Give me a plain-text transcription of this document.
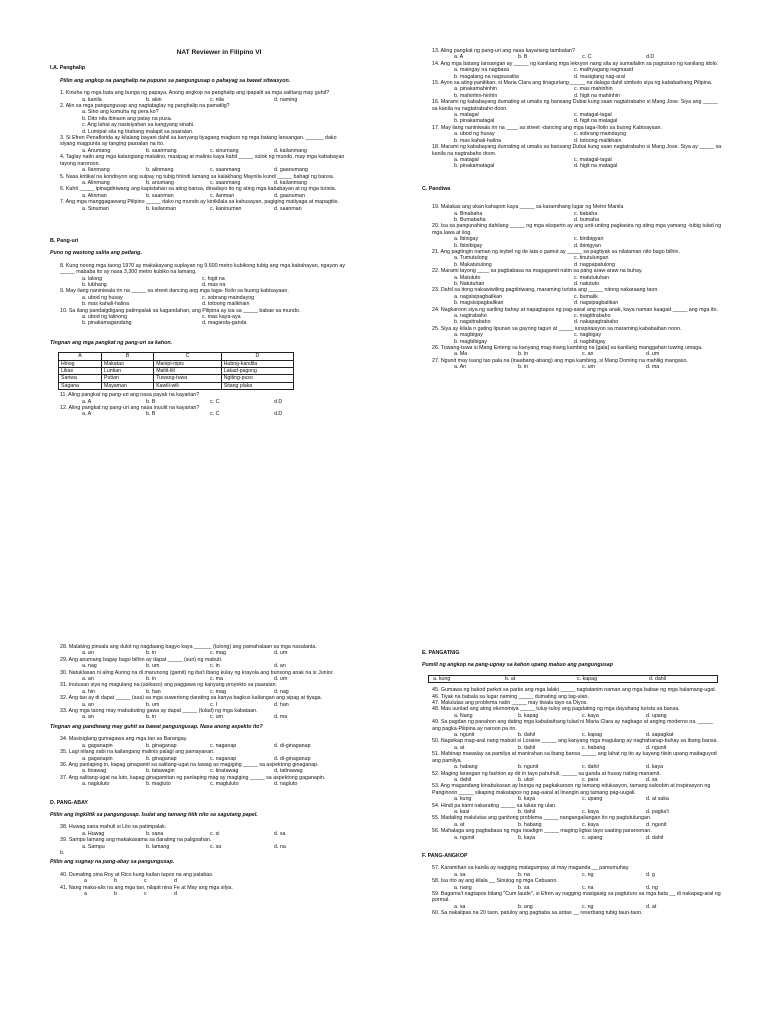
NAT Reviewer in Filipino VI
I.A. Panghalip
Piliin ang angkop na panghalip na pupuno sa pangungusap o pahayag sa bawat sitwasyon.
1. Kinuha ng mga bata ang bunga ng papaya. Anong angkop na panghalip ang ipapalit sa mga salitang may guhit?
a. kanila	b. akin	c. nila	d. naming
2. Alin sa mga pangungusap ang nagtataglay ng panghalip na pamatlig?
a. Sino ang kumuha ng pera ko?
b. Dito nila ibinaon ang patay na pusa.
c. Ang lahat ay nasisiyahan sa kangyang sinabi.
d. Lumipat sila ng tirahang malapit sa paaralan.
3. Si Efren Penaflorida ay kilalang bayani dahil sa kanyang tiyagang magturo ng mga batang lansangan. ______ dako siyang magpunta ay tanging paaralan na ito.
a. Anumang	b. saanmang	c. sinumang	d. kailanmang
4. Taglay natin ang mga katangiang matalino, masipag at malinis kaya kahit _____ sulok ng mundo, may mga kababayan tayong naroroon.
a. Ilanmang	b. alinmang	c. saanmang	d. gaanumang
5. Nasa kritikal na kondisyon ang sulpay ng tubig hhindi lamang sa kalakhang Maynila kundi _____ bahagi ng bansa.
a. Alinmang	b. anumang	c. saanmang	d. kailanmang
6. Kahit _____ ipinagdiriwang ang kapistahan sa ating bansa, dinadayo ito ng ating mga kababayan at ng mga turista.
a. Alinman	b. saanman	c. ilanman	d. gaanuman
7. Ang mga manggagawang Pilipino _____ dako ng mundo ay kinikilala sa kahusayan, pagiging matiyaga at mapagtiis.
a. Sinuman	b. kailanman	c. kaninuman	d. saanman
B. Pang-uri
Puno ng wastong salita ang patlang.
8. Kung noong mga taong 1970 ay makakayang suplayan ng 9,600 metro kubikong tubig ang mga kabahayan, ngayon ay _____ mababa ito ay nasa 3,300 metro kubiko na lamang.
a. lalong	c. higit na
b. lubhang	d. mas na
9. May ilang naniniwala rin na _____ sa street dancing ang mga taga- Iloilo sa buong kabisayaan.
a. ubod ng husay	c. sobrang maindayog
b. mas kahali-halina	d. totoong malikhain
10. Sa ilang pandaigdigang patimpalak sa kagandahan, ang Pilipina ay isa sa _____ babae sa mundo.
a. ubod ng talinong	c. mas kaya-aya
b. pinakamagandang	d. maganda-ganda
Tingnan ang mga pangkat ng pang-uri sa kahon.
A	B	C	D
Hinog	Makatao	Manipi-nipis	Hubog-kandila
Likas	Luntian	Maliit-liit	Lakad-pagong
Sariwa	Putian	Tuwang-tuwa	Ngiting-puso
Sagana	Mayaman	Kawili-wili	Sitang plaka
11. Aling pangkat ng pang-uri ang nasa payak na kayarian?
a. A	b. B	c. C	d.D
12. Aling pangkat ng pang-uri ang nasa inuulit na kayarian?
a. A	b. B	c. C	d.D
13. Aling pangkat ng pang-uri ang nasa kayariang tambalan?
a. A	b. B	c. C	d.D
14. Ang mga batang lansangan ay _____ ng kanilang mga lekxyon nang sila ay sumailalim sa pagtuturo ng kanilang idolo.
a. maingay na nagbasa	c. mathyagang nagmasid
b. magalang na nagsusalita	d. masiglang nag-aral
15. Ayon sa ating panitikan, si Maria Clara ang tinaguriang _____ na dalaga dahil simbolo siya ng kababaihang Pilipina.
a. pinakamahinhin	c. mas mahinhin
b. mahinhin-hinhin	d. higit na mahinhin
16. Marami ng kababayang dumating at umalis ng bansang Dubai kung saan nagtatrabaho si Mang Jose. Siya ang _____ sa kanila na nagtatrabaho doon.
a. matagal	c. matagal-tagal
b. pinakamatagal	d. higit na matagal
17. May ilang naniniwala rin na ____ sa street -dancing ang mga taga-Iloilo sa buong Kabisayaan.
a. ubod ng husay	c. sobrang maindayog
b. mas kahali-halina	d. totoong malikhain
18. Marami ng kababayang dumating at umalis sa bansang Dubai kung saan nagtatrabaho si Mang Jose. Siya ay _____ sa kanila na nagtrabaho doon.
a. matagal	c. matagal-tagal
b. pinakamatagal	d. higit na matagal
C. Pandiwa
19. Malakas ang ukan kahapon kaya _____ sa karamihang lugar ng Metro Manila
a. Binabaha	c. babaha
b. Bumabaha	d. bumaha
20. Isa sa pangunahing dahilang _____ ng mga eksperto ay ang unti-unting pagkasira ng ating mga yamang -tubig tulad ng mga lawa at ilog.
a. Ibinigay	c. binibigyan
b. Ibinibigay	d. ibinigyan
21. Ang pagtingin naman ng leybel ng de lata o gamut ay _____ sa pagtiyak sa nilalaman nito bago bilhin.
a. Tumutulong	c. tinutulungan
b. Makatutulong	d. nagpapatulong
22. Marami tayong ____ sa pagbabasa na magagamit natin sa pang araw-araw na buhay.
a. Matututo	c. matututuhan
b. Natutuhan	d. natututo
23. Dahil sa itong nakawiwiling pagdiriwang, maraming turista ang _____ nitong nakaraang taon.
a. nagsisipagbalikan	c. bumalik
b. magsisipagbalikan	d. nagsipagbalikan
24. Nagkaroon siya ng sariling bahay at napagtapos ng pag-aaral ang mga anak, kaya naman kaagad _____ ang mga ito.
a. nagtrabaho	c. magtitrabaho
b. nagsitrabaho	d. nakapagtrabaho
25. Siya ay kilala n gating lipunan sa gayong taguri at _____ iunspiraisyon sa maraming kababaihan noon.
a. magbigay	c. nagbigay
b. magbibigay	d. nagbibigay
26. Tuwang-tuwa si Mang Enteng sa kanyang mag-inang kambing na [gala] sa kanilang manggahan tuwing umaga.
a. Ma	b. in	c. an	d. um
27. Ngunit may isang tao pala na (inaabang-abang) ang mga kambing, si Mang Doming na mahilig mangaso.
a. An	b. in	c. um	d. ma
28. Malaking pinsala ang dulot ng nagdaang bagyo kaya ______ (tulong) ang pamahalaan sa mga nasalanta.
a. an	b. in	c. mag	d. um
29. Ang anumang bagay bago bilhin ay dapat _____ (suri) ng mabuti.
a. nag	b. um	c. in	d. an
30. Natuklasan ni aling Auring na di marunong (gamit) ng iba't ibang kulay ng krayola ang bunsong anak na si Junior.
a. an	b. in	c. ma	d. um
31. Inutusan siya ng magulang na (asikaso) ang paggawa ng kanyang proyekto sa paaralan.
a. hin	b. han	c. mag	d. nag
32. Ang tao ay di dapat _____ (asa) sa mga suwerteng darating sa kanya bagkus kailangan ang sipag at tiyaga.
a. an	b. um	c. I	d. han
33. Ang mga taong may mabubuting gawa ay dapat _____ (tulad) ng mga kabataan.
a. an	b. in	c. um	d. ma
Tingnan ang pandiwang may guhit sa bawat pangungusap. Nasa anong aspekto ito?
34. Masisiglang gumagawa ang mga tao sa Barangay.
a. gaganapin	b. ginaganap	c. naganap	d. di-ginaganap
35. Lagi nilang sabi na kailangang malinis palagi ang pamayanan.
a. gaganapin	b. ginaganap	c. naganap	d. di-ginaganap
36. Ang panlaping in, kapag ginagamit sa salitang-ugat na tawag as magiging _____ sa aspektong ginaganap.
a. tinawag	b. tatawagin	c. tinatawag	d. tatinawag
37. Ang salitang-ugat na luto, kapag ginagamitan ng panlaping mag ay magiging _____ sa aspektong gaganapin.
a. nagluluto	b. magluto	c. magluluto	d. nagluto
D. PANG-ABAY
Piliin ang Ingklitik sa pangungusap. Isulat ang tamang titik nito sa sagutang papel.
38. Huwag sana mahuli si Lito sa patimpalak.
a. Huwag	b. sana	c. si	d. sa
39. Sampu lamang ang makakasama sa darating na paligsahan.
a. Sampu	b. lamang	c. sa	d. na
b.
Piliin ang sugnay na pang-abay sa pangungusap.
40. Dumating sina Roy at Rico kung kailan tapos na ang palabas.
a	b	c	d
41. Nang maka-alis na ang mga tao, nilapit nina Fe at May ang mga silya.
a	b	c	d
E. PANGATNIG
Pumili ng angkop na pang-ugnay sa kahon upang mabuo ang pangungusap
a. kung	b. at	c. kapag	d. dahil
45. Gumawa ng bakod parkot sa parke ang mga lalaki _____ nagtatanim naman ang mga babae ng mga halamang-ugat.
46. Tiyak na babala sa lugar naming _____ dumating ang tag-ulan.
47. Malulutas ang problema natin _____ may tiwala tayo sa Diyos.
48. Mas uunlad ang ating ekonomiya _____ tuluy-tuloy ang pagdating ng mga dayuhang turista sa bansa.
a. Nang	b. kapag	c. kaya	d. upang
49. Sa pagdan ng panahon ang dating mga kababaihang tulad ni Maria Clara ay nagbago at anging moderno na, _____ ang pagka-Pilipina ay naroon pa rin.
a. ngunit	b. dahil	c. kapag	d. sapagkat
50. Nagsikap mag-aral nang mabuti si Loraine _____ ang kanyang mga magulang ay naghahanap-buhay sa ibang bansa.
a. at	b. dahil	c. habang	d. ngunit
51. Mahinap mawalay sa pamilya at manirahan sa ibang bansa _____ ang lahat ng ito ay kayang tiisin upang maitaguyod ang pamilya.
a. habang	b. ngunit	c. dahil	d. kaya
52. Maging larangan ng fashion ay dir in tayo pahuhuli, _____ sa ganda at husay nating manamit.
a. dahil	b. ukol	c. para	d. sa
53. Ang magandang kinabukasan ay bunga ng pagkakaroon ng tamang edukasyon, tamang saloobin at inspirasyon ng Panginoon _____ sikaping makatapos ng pag-aaral at linangin ang tamang pag-uugali.
a. kung	b. kaya	c. upang	d. at saka
54. Hindi pa kami nakarating _____ sa lakas ng ulan.
a. kasi	b. dahil	c. kaya	d. pagka't
55. Madaling malulutas ang ganitong problema _____ nangangailangan ito ng pagtutulungan.
a. at	b. habang	c. kaya	d. ngunit
56. Mahalaga ang pagbabasa ng mga risadigm _____ maging ligtas tayo saating pararoonan.
a. ngunit	b. kaya	c. upang	d. dahil
F. PANG-ANGKOP
57. Karamihan sa kanila ay nagiging matagumpay at may maganda __ pamumuhay.
a. sa	b. na	c. ng	d. g
58. Isa rito ay ang kilala __ Sinulog ng mga Cebuano.
a. nang	b. sa	c. na	d. ng
59. Bagama't nagtapos bilang "Cum laude", si Efren ay nagging masigasig sa pagtuturo sa mga bata __ di nakapag-aral ng pormal.
a. sa	b. ang	c. ng	d. at
60. Sa nakalipas na 20 taon, patuloy ang pagbaba sa antas __ reserbang tubig taun-taon.
